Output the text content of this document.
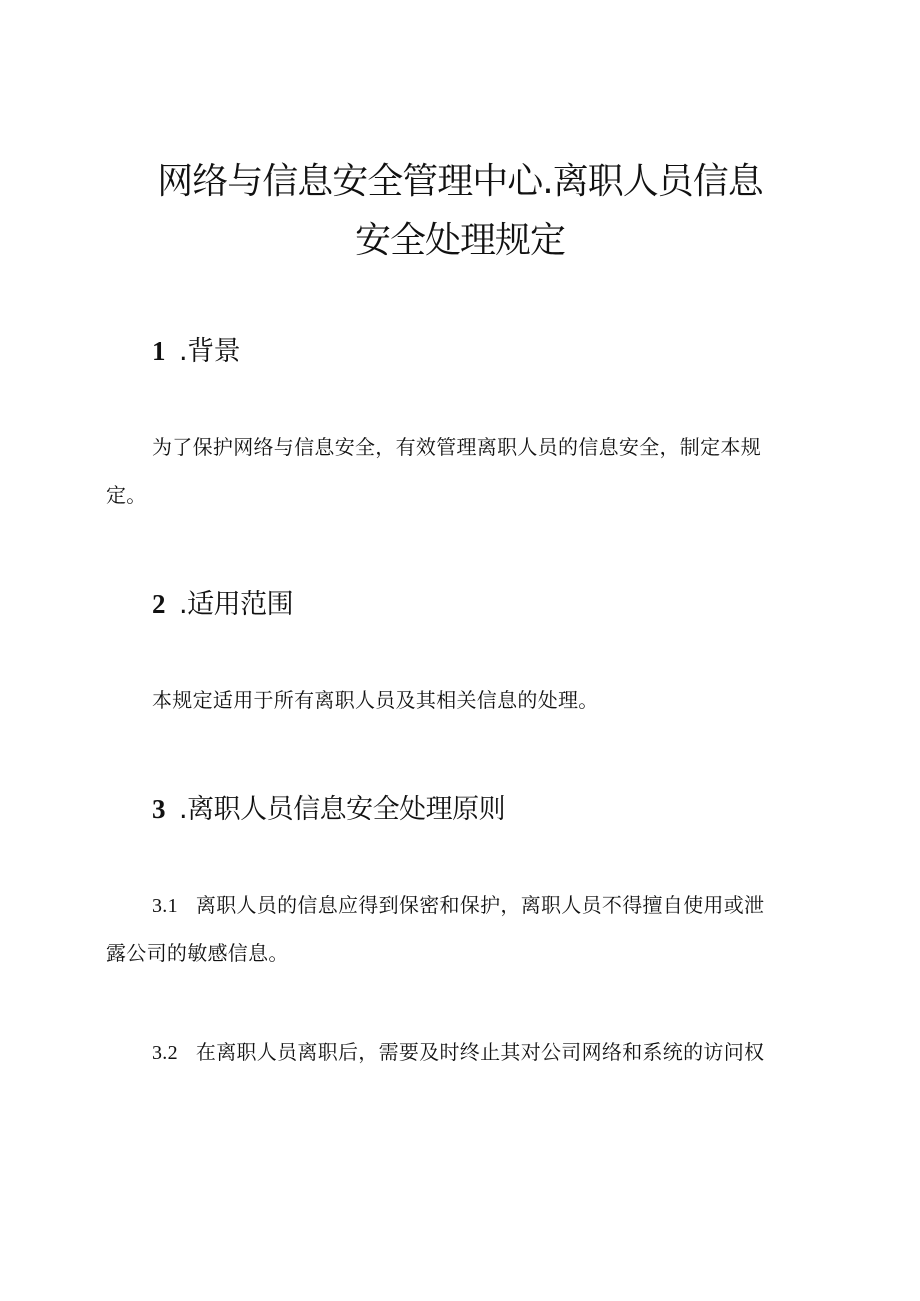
网络与信息安全管理中心.离职人员信息
安全处理规定
1 .背景

为了保护网络与信息安全，有效管理离职人员的信息安全，制定本规

定。

2 .适用范围

本规定适用于所有离职人员及其相关信息的处理。

3 .离职人员信息安全处理原则

3.1 离职人员的信息应得到保密和保护，离职人员不得擅自使用或泄

露公司的敏感信息。

3.2 在离职人员离职后，需要及时终止其对公司网络和系统的访问权
